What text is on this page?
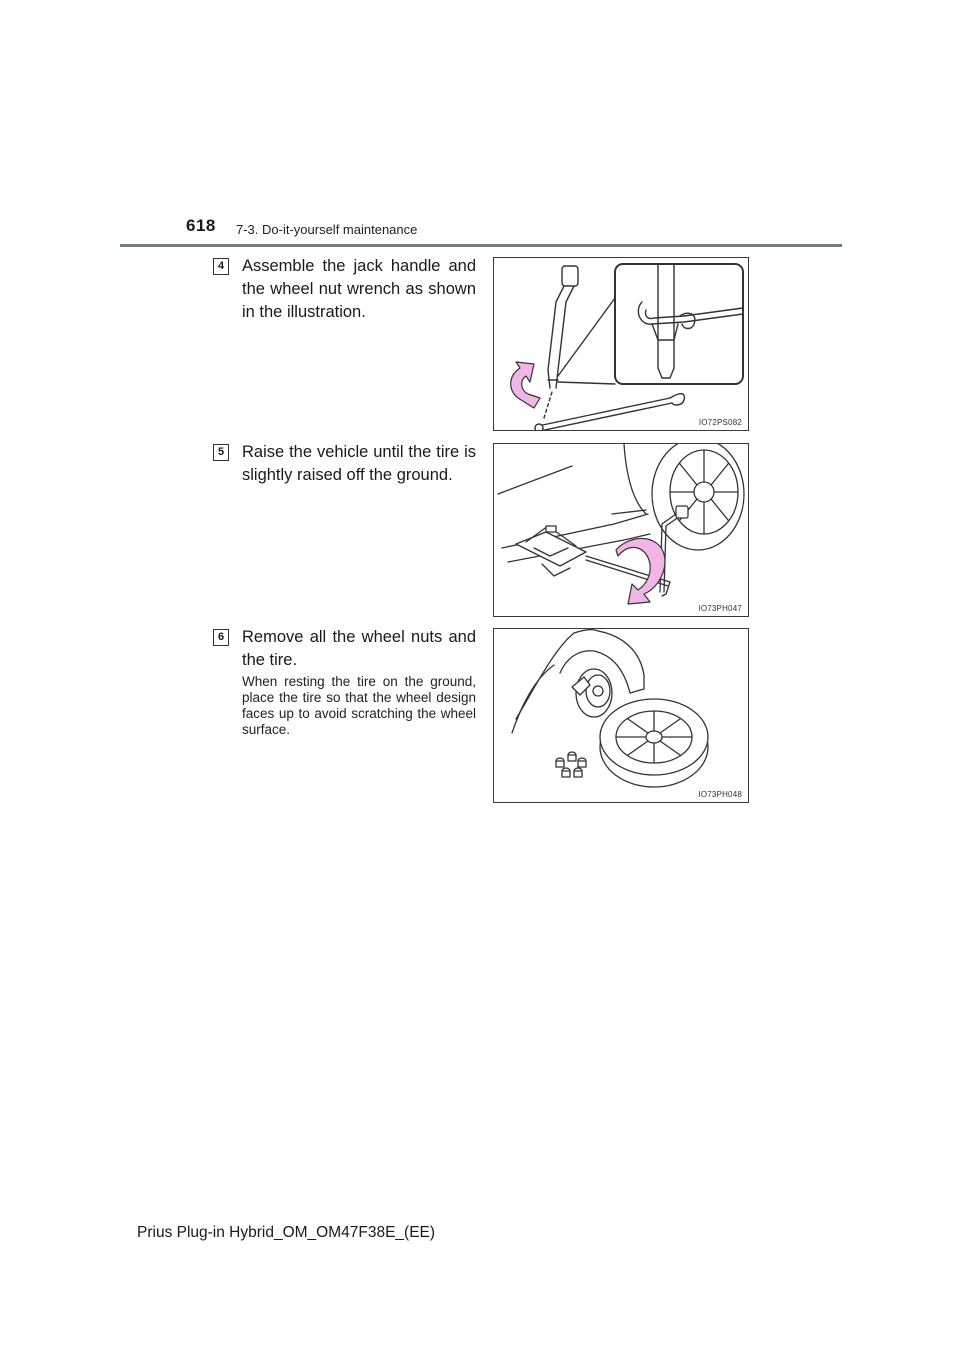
618 7-3. Do-it-yourself maintenance
4 Assemble the jack handle and the wheel nut wrench as shown in the illustration.
IO72PS082
5 Raise the vehicle until the tire is slightly raised off the ground.
IO73PH047
6 Remove all the wheel nuts and the tire.
When resting the tire on the ground, place the tire so that the wheel design faces up to avoid scratching the wheel surface.
IO73PH048
Prius Plug-in Hybrid_OM_OM47F38E_(EE)
